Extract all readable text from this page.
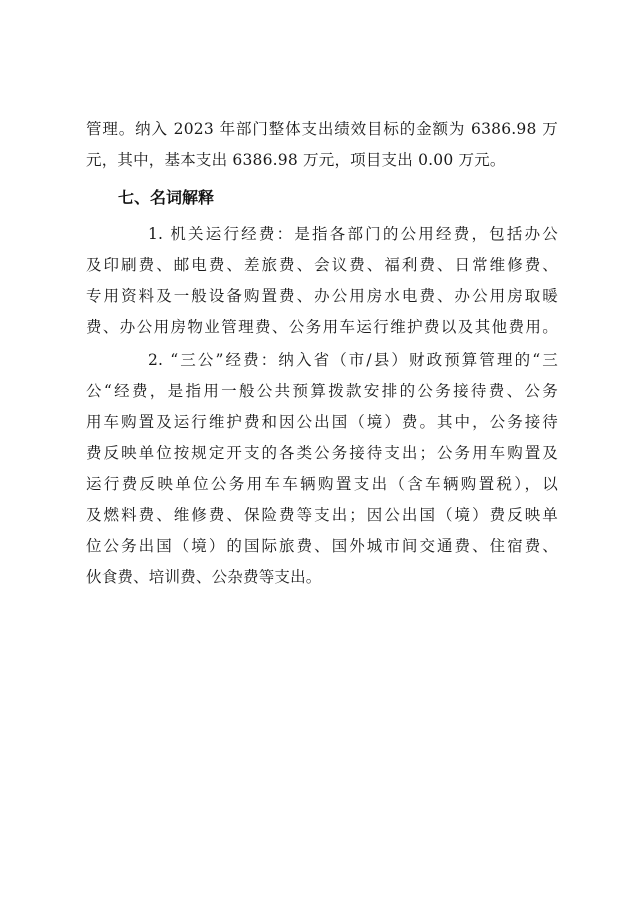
管理。纳入 2023 年部门整体支出绩效目标的金额为 6386.98 万
元，其中，基本支出 6386.98 万元，项目支出 0.00 万元。
七、名词解释
1. 机关运行经费：是指各部门的公用经费，包括办公
及印刷费、邮电费、差旅费、会议费、福利费、日常维修费、
专用资料及一般设备购置费、办公用房水电费、办公用房取暖
费、办公用房物业管理费、公务用车运行维护费以及其他费用。
2. “三公”经费：纳入省（市/县）财政预算管理的“三
公“经费，是指用一般公共预算拨款安排的公务接待费、公务
用车购置及运行维护费和因公出国（境）费。其中，公务接待
费反映单位按规定开支的各类公务接待支出；公务用车购置及
运行费反映单位公务用车车辆购置支出（含车辆购置税），以
及燃料费、维修费、保险费等支出；因公出国（境）费反映单
位公务出国（境）的国际旅费、国外城市间交通费、住宿费、
伙食费、培训费、公杂费等支出。
